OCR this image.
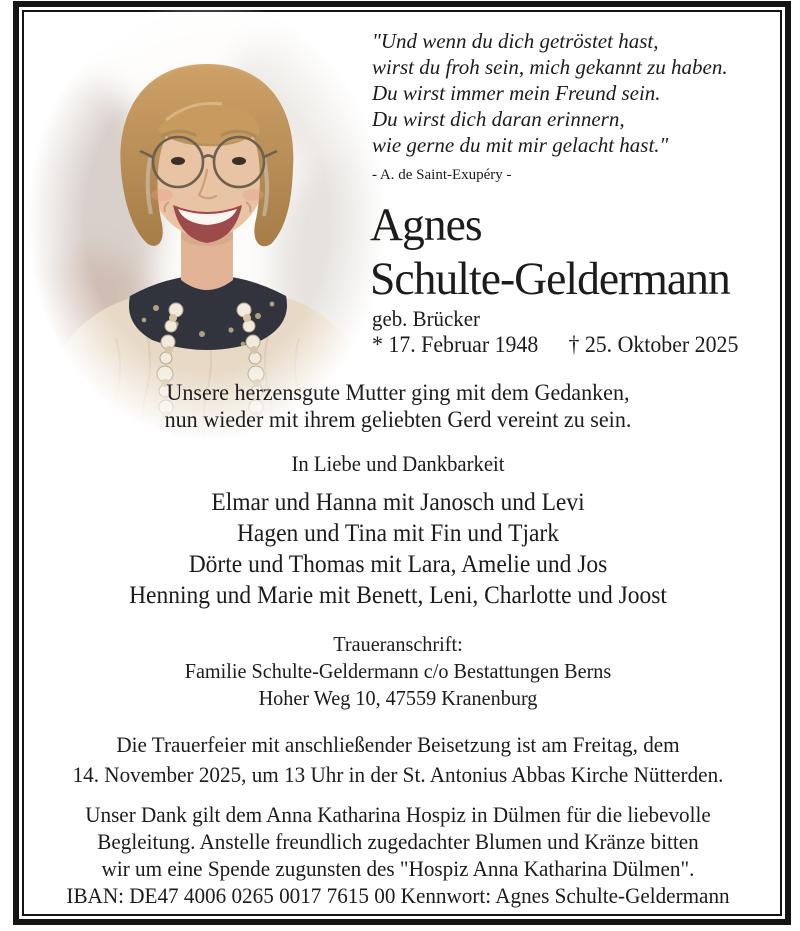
"Und wenn du dich getröstet hast,
wirst du froh sein, mich gekannt zu haben.
Du wirst immer mein Freund sein.
Du wirst dich daran erinnern,
wie gerne du mit mir gelacht hast."
- A. de Saint-Exupéry -
Agnes
Schulte-Geldermann
geb. Brücker
* 17. Februar 1948 † 25. Oktober 2025
Unsere herzensgute Mutter ging mit dem Gedanken,
nun wieder mit ihrem geliebten Gerd vereint zu sein.
In Liebe und Dankbarkeit
Elmar und Hanna mit Janosch und Levi
Hagen und Tina mit Fin und Tjark
Dörte und Thomas mit Lara, Amelie und Jos
Henning und Marie mit Benett, Leni, Charlotte und Joost
Traueranschrift:
Familie Schulte-Geldermann c/o Bestattungen Berns
Hoher Weg 10, 47559 Kranenburg
Die Trauerfeier mit anschließender Beisetzung ist am Freitag, dem
14. November 2025, um 13 Uhr in der St. Antonius Abbas Kirche Nütterden.
Unser Dank gilt dem Anna Katharina Hospiz in Dülmen für die liebevolle
Begleitung. Anstelle freundlich zugedachter Blumen und Kränze bitten
wir um eine Spende zugunsten des "Hospiz Anna Katharina Dülmen".
IBAN: DE47 4006 0265 0017 7615 00 Kennwort: Agnes Schulte-Geldermann
